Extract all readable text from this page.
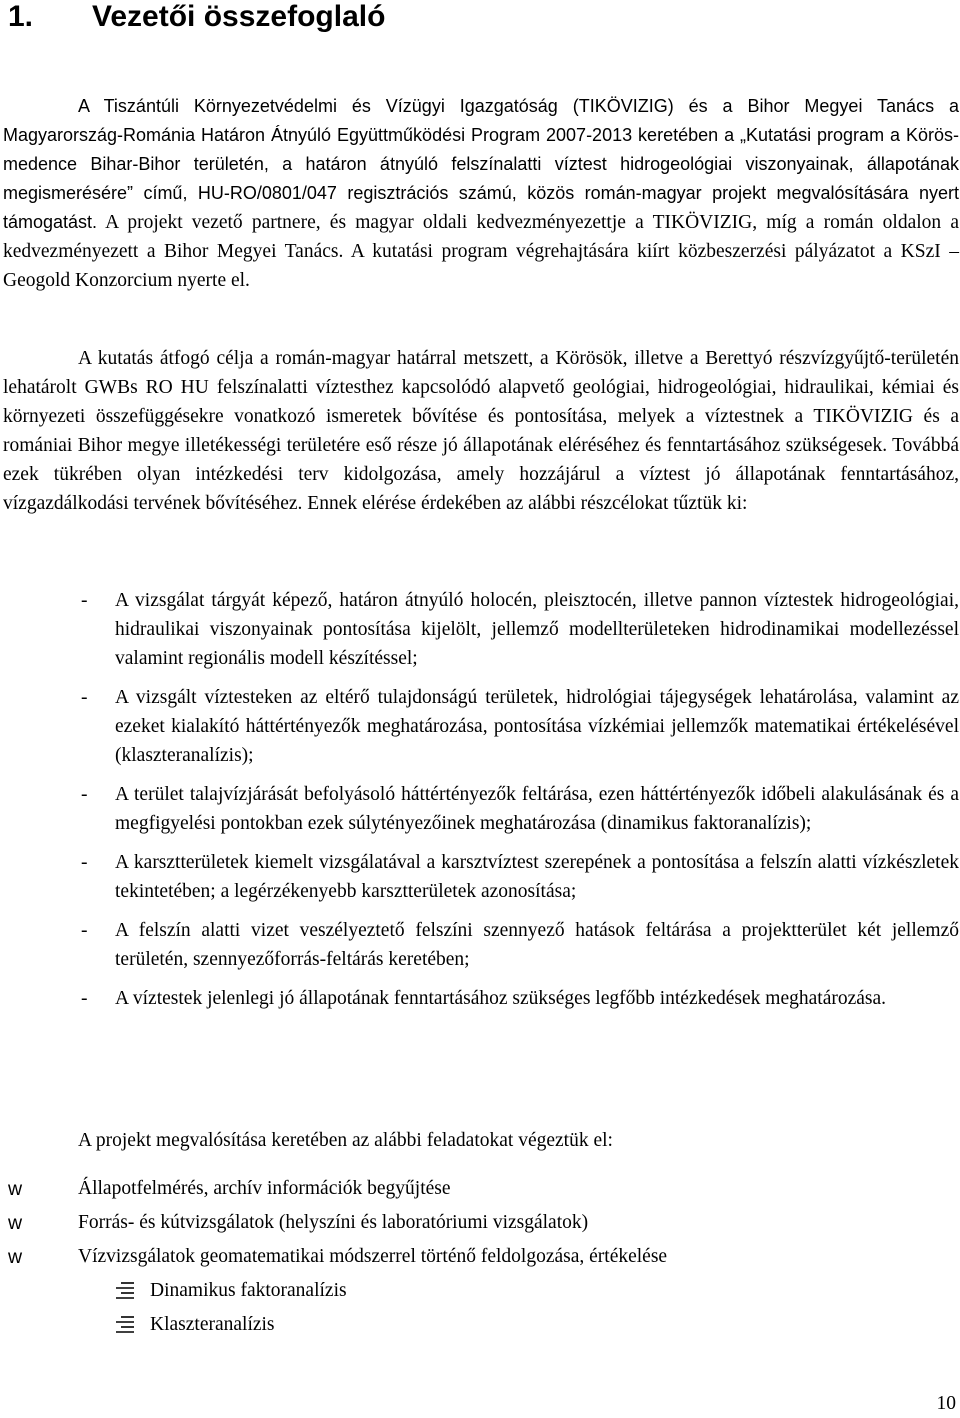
1. Vezetői összefoglaló

A Tiszántúli Környezetvédelmi és Vízügyi Igazgatóság (TIKÖVIZIG) és a Bihor Megyei Tanács a Magyarország-Románia Határon Átnyúló Együttműködési Program 2007-2013 keretében a „Kutatási program a Körös-medence Bihar-Bihor területén, a határon átnyúló felszínalatti víztest hidrogeológiai viszonyainak, állapotának megismerésére” című, HU-RO/0801/047 regisztrációs számú, közös román-magyar projekt megvalósítására nyert támogatást. A projekt vezető partnere, és magyar oldali kedvezményezettje a TIKÖVIZIG, míg a román oldalon a kedvezményezett a Bihor Megyei Tanács. A kutatási program végrehajtására kiírt közbeszerzési pályázatot a KSzI – Geogold Konzorcium nyerte el.

A kutatás átfogó célja a román-magyar határral metszett, a Körösök, illetve a Berettyó részvízgyűjtő-területén lehatárolt GWBs RO HU felszínalatti víztesthez kapcsolódó alapvető geológiai, hidrogeológiai, hidraulikai, kémiai és környezeti összefüggésekre vonatkozó ismeretek bővítése és pontosítása, melyek a víztestnek a TIKÖVIZIG és a romániai Bihor megye illetékességi területére eső része jó állapotának eléréséhez és fenntartásához szükségesek. Továbbá ezek tükrében olyan intézkedési terv kidolgozása, amely hozzájárul a víztest jó állapotának fenntartásához, vízgazdálkodási tervének bővítéséhez. Ennek elérése érdekében az alábbi részcélokat tűztük ki:

- A vizsgálat tárgyát képező, határon átnyúló holocén, pleisztocén, illetve pannon víztestek hidrogeológiai, hidraulikai viszonyainak pontosítása kijelölt, jellemző modellterületeken hidrodinamikai modellezéssel valamint regionális modell készítéssel;
- A vizsgált víztesteken az eltérő tulajdonságú területek, hidrológiai tájegységek lehatárolása, valamint az ezeket kialakító háttértényezők meghatározása, pontosítása vízkémiai jellemzők matematikai értékelésével (klaszteranalízis);
- A terület talajvízjárását befolyásoló háttértényezők feltárása, ezen háttértényezők időbeli alakulásának és a megfigyelési pontokban ezek súlytényezőinek meghatározása (dinamikus faktoranalízis);
- A karsztterületek kiemelt vizsgálatával a karsztvíztest szerepének a pontosítása a felszín alatti vízkészletek tekintetében; a legérzékenyebb karsztterületek azonosítása;
- A felszín alatti vizet veszélyeztető felszíni szennyező hatások feltárása a projektterület két jellemző területén, szennyezőforrás-feltárás keretében;
- A víztestek jelenlegi jó állapotának fenntartásához szükséges legfőbb intézkedések meghatározása.
A projekt megvalósítása keretében az alábbi feladatokat végeztük el:
w	Állapotfelmérés, archív információk begyűjtése
w	Forrás- és kútvizsgálatok (helyszíni és laboratóriumi vizsgálatok)
w	Vízvizsgálatok geomatematikai módszerrel történő feldolgozása, értékelése
Dinamikus faktoranalízis
Klaszteranalízis
10
